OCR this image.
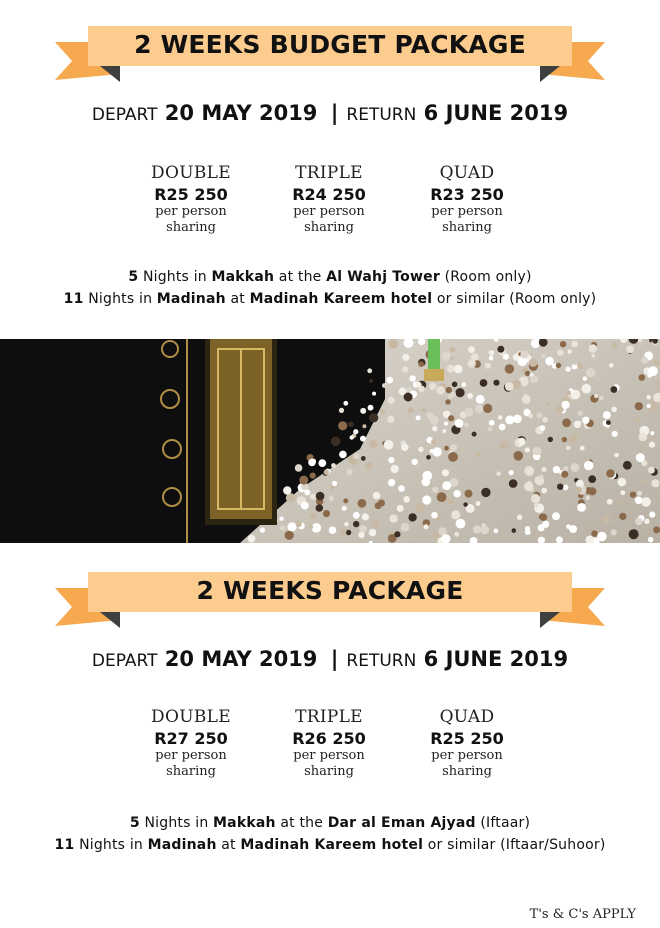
2 WEEKS BUDGET PACKAGE
DEPART 20 MAY 2019 | RETURN 6 JUNE 2019
DOUBLE
R25 250
per person
sharing
TRIPLE
R24 250
per person
sharing
QUAD
R23 250
per person
sharing
5 Nights in Makkah at the Al Wahj Tower (Room only)
11 Nights in Madinah at Madinah Kareem hotel or similar (Room only)
2 WEEKS PACKAGE
DEPART 20 MAY 2019 | RETURN 6 JUNE 2019
DOUBLE
R27 250
per person
sharing
TRIPLE
R26 250
per person
sharing
QUAD
R25 250
per person
sharing
5 Nights in Makkah at the Dar al Eman Ajyad (Iftaar)
11 Nights in Madinah at Madinah Kareem hotel or similar (Iftaar/Suhoor)
T's & C's APPLY
